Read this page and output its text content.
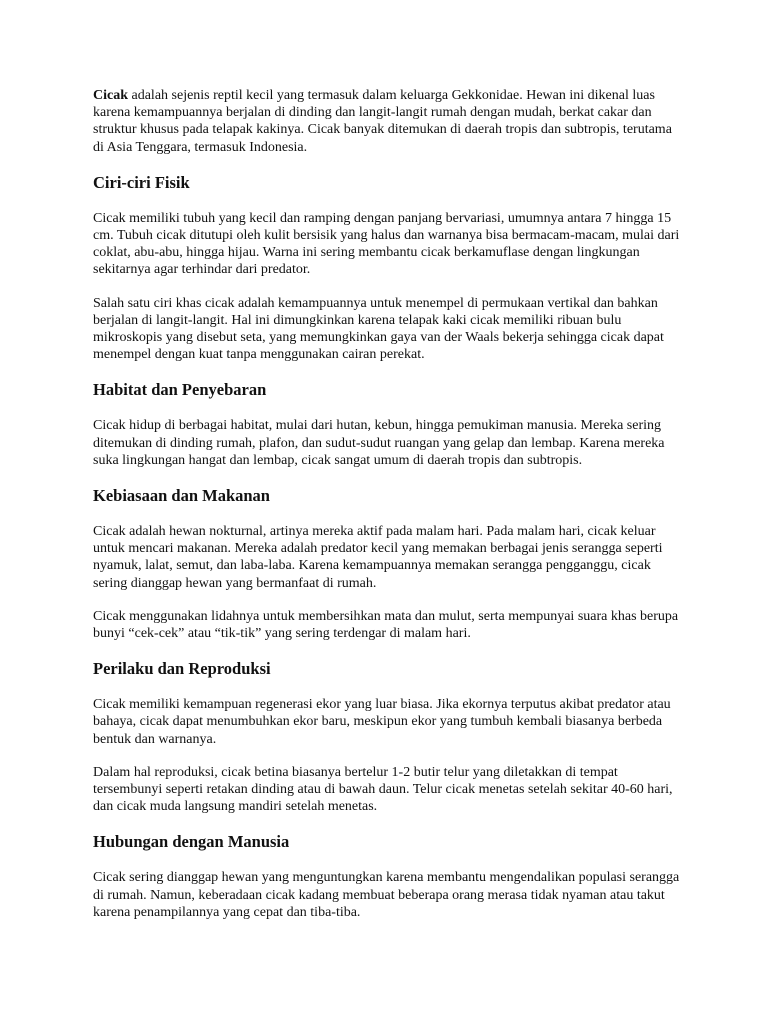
Cicak adalah sejenis reptil kecil yang termasuk dalam keluarga Gekkonidae. Hewan ini dikenal luas karena kemampuannya berjalan di dinding dan langit-langit rumah dengan mudah, berkat cakar dan struktur khusus pada telapak kakinya. Cicak banyak ditemukan di daerah tropis dan subtropis, terutama di Asia Tenggara, termasuk Indonesia.

Ciri-ciri Fisik

Cicak memiliki tubuh yang kecil dan ramping dengan panjang bervariasi, umumnya antara 7 hingga 15 cm. Tubuh cicak ditutupi oleh kulit bersisik yang halus dan warnanya bisa bermacam-macam, mulai dari coklat, abu-abu, hingga hijau. Warna ini sering membantu cicak berkamuflase dengan lingkungan sekitarnya agar terhindar dari predator.

Salah satu ciri khas cicak adalah kemampuannya untuk menempel di permukaan vertikal dan bahkan berjalan di langit-langit. Hal ini dimungkinkan karena telapak kaki cicak memiliki ribuan bulu mikroskopis yang disebut seta, yang memungkinkan gaya van der Waals bekerja sehingga cicak dapat menempel dengan kuat tanpa menggunakan cairan perekat.

Habitat dan Penyebaran

Cicak hidup di berbagai habitat, mulai dari hutan, kebun, hingga pemukiman manusia. Mereka sering ditemukan di dinding rumah, plafon, dan sudut-sudut ruangan yang gelap dan lembap. Karena mereka suka lingkungan hangat dan lembap, cicak sangat umum di daerah tropis dan subtropis.

Kebiasaan dan Makanan

Cicak adalah hewan nokturnal, artinya mereka aktif pada malam hari. Pada malam hari, cicak keluar untuk mencari makanan. Mereka adalah predator kecil yang memakan berbagai jenis serangga seperti nyamuk, lalat, semut, dan laba-laba. Karena kemampuannya memakan serangga pengganggu, cicak sering dianggap hewan yang bermanfaat di rumah.

Cicak menggunakan lidahnya untuk membersihkan mata dan mulut, serta mempunyai suara khas berupa bunyi “cek-cek” atau “tik-tik” yang sering terdengar di malam hari.

Perilaku dan Reproduksi

Cicak memiliki kemampuan regenerasi ekor yang luar biasa. Jika ekornya terputus akibat predator atau bahaya, cicak dapat menumbuhkan ekor baru, meskipun ekor yang tumbuh kembali biasanya berbeda bentuk dan warnanya.

Dalam hal reproduksi, cicak betina biasanya bertelur 1-2 butir telur yang diletakkan di tempat tersembunyi seperti retakan dinding atau di bawah daun. Telur cicak menetas setelah sekitar 40-60 hari, dan cicak muda langsung mandiri setelah menetas.

Hubungan dengan Manusia

Cicak sering dianggap hewan yang menguntungkan karena membantu mengendalikan populasi serangga di rumah. Namun, keberadaan cicak kadang membuat beberapa orang merasa tidak nyaman atau takut karena penampilannya yang cepat dan tiba-tiba.
